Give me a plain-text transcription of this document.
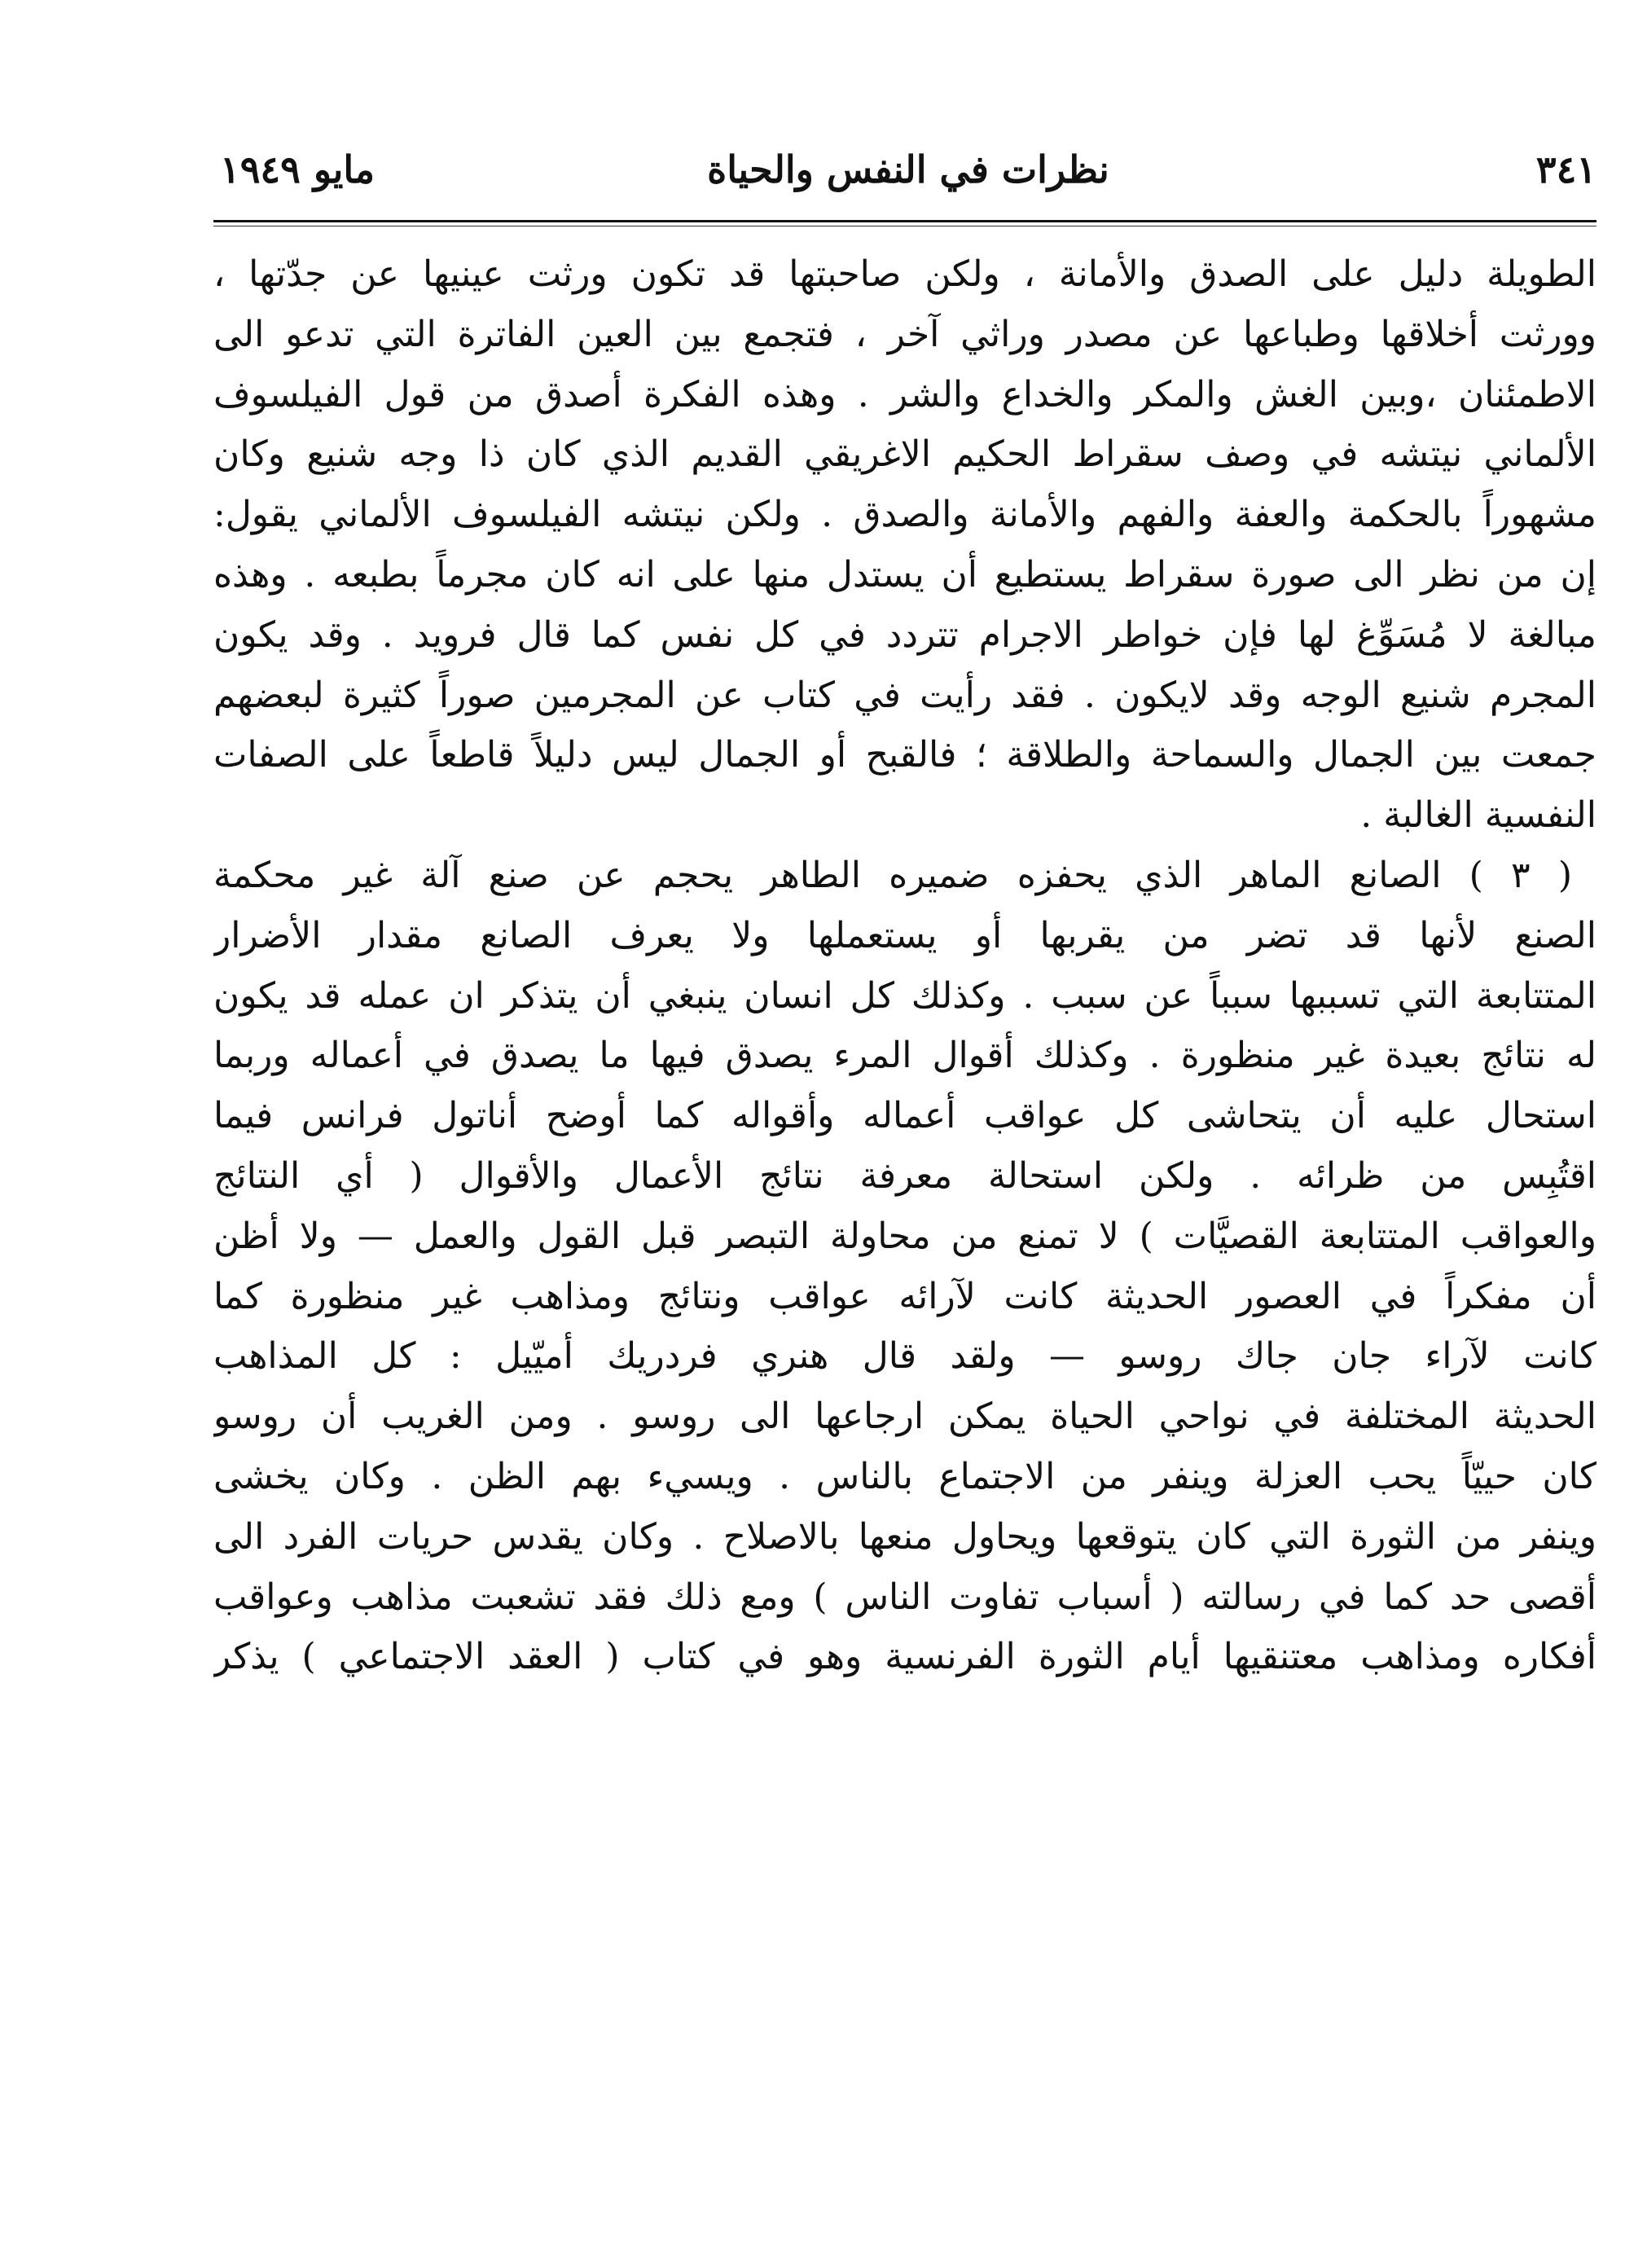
٣٤١
نظرات في النفس والحياة
مايو ١٩٤٩
الطويلة دليل على الصدق والأمانة ، ولكن صاحبتها قد تكون ورثت عينيها عن جدّتها ،
وورثت أخلاقها وطباعها عن مصدر وراثي آخر ، فتجمع بين العين الفاترة التي تدعو الى
الاطمئنان ،وبين الغش والمكر والخداع والشر . وهذه الفكرة أصدق من قول الفيلسوف
الألماني نيتشه في وصف سقراط الحكيم الاغريقي القديم الذي كان ذا وجه شنيع وكان
مشهوراً بالحكمة والعفة والفهم والأمانة والصدق . ولكن نيتشه الفيلسوف الألماني يقول:
إن من نظر الى صورة سقراط يستطيع أن يستدل منها على انه كان مجرماً بطبعه . وهذه
مبالغة لا مُسَوِّغ لها فإن خواطر الاجرام تتردد في كل نفس كما قال فرويد . وقد يكون
المجرم شنيع الوجه وقد لايكون . فقد رأيت في كتاب عن المجرمين صوراً كثيرة لبعضهم
جمعت بين الجمال والسماحة والطلاقة ؛ فالقبح أو الجمال ليس دليلاً قاطعاً على الصفات
النفسية الغالبة .
( ٣ ) الصانع الماهر الذي يحفزه ضميره الطاهر يحجم عن صنع آلة غير محكمة
الصنع لأنها قد تضر من يقربها أو يستعملها ولا يعرف الصانع مقدار الأضرار
المتتابعة التي تسببها سبباً عن سبب . وكذلك كل انسان ينبغي أن يتذكر ان عمله قد يكون
له نتائج بعيدة غير منظورة . وكذلك أقوال المرء يصدق فيها ما يصدق في أعماله وربما
استحال عليه أن يتحاشى كل عواقب أعماله وأقواله كما أوضح أناتول فرانس فيما
اقتُبِس من ظرائه . ولكن استحالة معرفة نتائج الأعمال والأقوال ( أي النتائج
والعواقب المتتابعة القصيَّات ) لا تمنع من محاولة التبصر قبل القول والعمل — ولا أظن
أن مفكراً في العصور الحديثة كانت لآرائه عواقب ونتائج ومذاهب غير منظورة كما
كانت لآراء جان جاك روسو — ولقد قال هنري فردريك أميّيل : كل المذاهب
الحديثة المختلفة في نواحي الحياة يمكن ارجاعها الى روسو . ومن الغريب أن روسو
كان حييّاً يحب العزلة وينفر من الاجتماع بالناس . ويسيء بهم الظن . وكان يخشى
وينفر من الثورة التي كان يتوقعها ويحاول منعها بالاصلاح . وكان يقدس حريات الفرد الى
أقصى حد كما في رسالته ( أسباب تفاوت الناس ) ومع ذلك فقد تشعبت مذاهب وعواقب
أفكاره ومذاهب معتنقيها أيام الثورة الفرنسية وهو في كتاب ( العقد الاجتماعي ) يذكر
